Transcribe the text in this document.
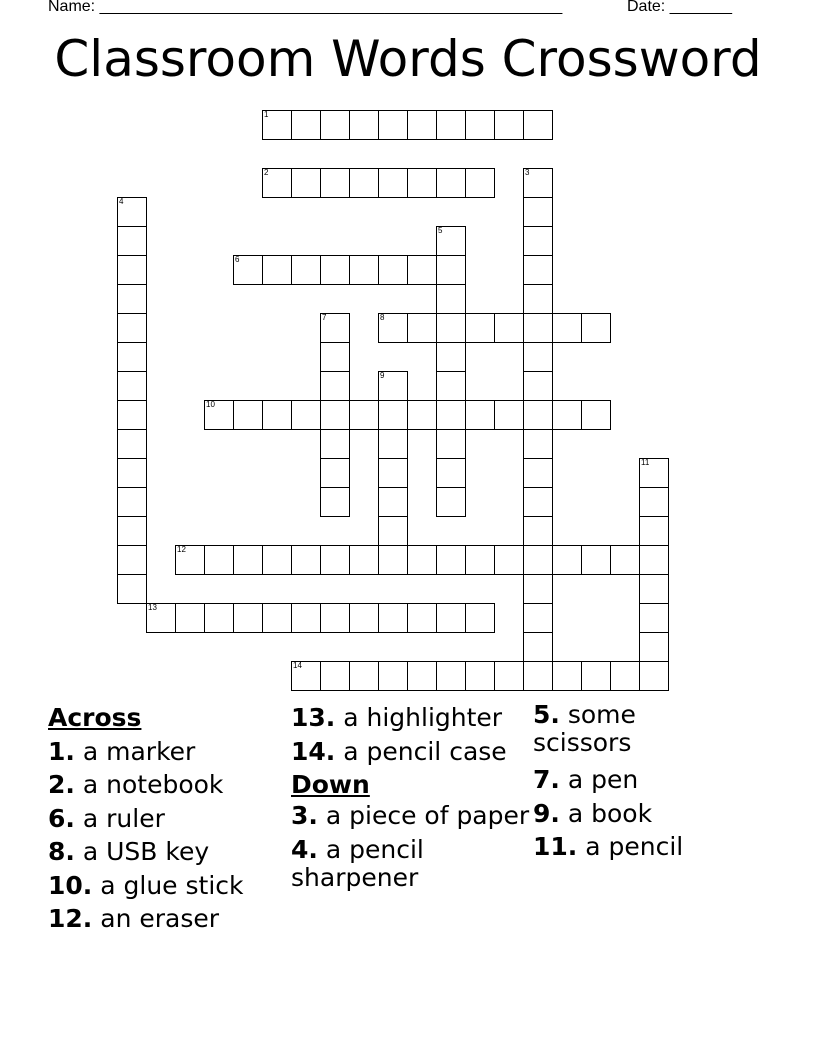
Name: ____________________________________________________	Date: _______
Classroom Words Crossword
1
2	3
4
5
6
7	8
9
10
11
12
13
14

Across

1. a marker

2. a notebook

6. a ruler

8. a USB key

10. a glue stick

12. an eraser

13. a highlighter

14. a pencil case

Down

3. a piece of paper

4. a pencil sharpener

5. some scissors

7. a pen

9. a book

11. a pencil
